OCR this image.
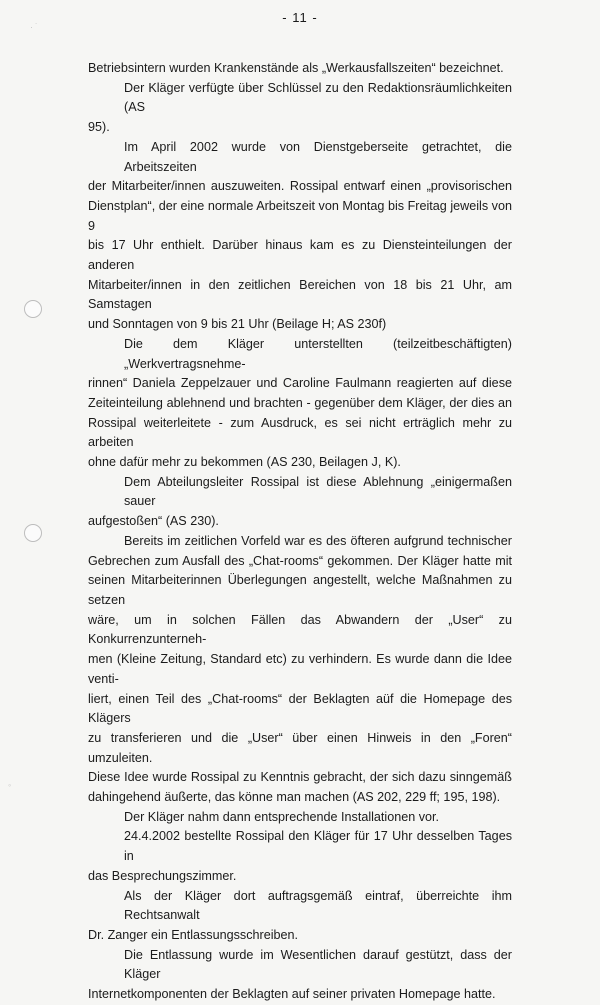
- 11 -
◦
·˙

Betriebsintern wurden Krankenstände als „Werkausfallszeiten“ bezeichnet.

Der Kläger verfügte über Schlüssel zu den Redaktionsräumlichkeiten (AS
95).

Im April 2002 wurde von Dienstgeberseite getrachtet, die Arbeitszeiten
der Mitarbeiter/innen auszuweiten. Rossipal entwarf einen „provisorischen
Dienstplan“, der eine normale Arbeitszeit von Montag bis Freitag jeweils von 9
bis 17 Uhr enthielt. Darüber hinaus kam es zu Diensteinteilungen der anderen
Mitarbeiter/innen in den zeitlichen Bereichen von 18 bis 21 Uhr, am Samstagen
und Sonntagen von 9 bis 21 Uhr (Beilage H; AS 230f)

Die dem Kläger unterstellten (teilzeitbeschäftigten) „Werkvertragsnehme-
rinnen“ Daniela Zeppelzauer und Caroline Faulmann reagierten auf diese
Zeiteinteilung ablehnend und brachten - gegenüber dem Kläger, der dies an
Rossipal weiterleitete - zum Ausdruck, es sei nicht erträglich mehr zu arbeiten
ohne dafür mehr zu bekommen (AS 230, Beilagen J, K).

Dem Abteilungsleiter Rossipal ist diese Ablehnung „einigermaßen sauer
aufgestoßen“ (AS 230).

Bereits im zeitlichen Vorfeld war es des öfteren aufgrund technischer
Gebrechen zum Ausfall des „Chat-rooms“ gekommen. Der Kläger hatte mit
seinen Mitarbeiterinnen Überlegungen angestellt, welche Maßnahmen zu setzen
wäre, um in solchen Fällen das Abwandern der „User“ zu Konkurrenzunterneh-
men (Kleine Zeitung, Standard etc) zu verhindern. Es wurde dann die Idee venti-
liert, einen Teil des „Chat-rooms“ der Beklagten aüf die Homepage des Klägers
zu transferieren und die „User“ über einen Hinweis in den „Foren“ umzuleiten.
Diese Idee wurde Rossipal zu Kenntnis gebracht, der sich dazu sinngemäß
dahingehend äußerte, das könne man machen (AS 202, 229 ff; 195, 198).

Der Kläger nahm dann entsprechende Installationen vor.

24.4.2002 bestellte Rossipal den Kläger für 17 Uhr desselben Tages in
das Besprechungszimmer.

Als der Kläger dort auftragsgemäß eintraf, überreichte ihm Rechtsanwalt
Dr. Zanger ein Entlassungsschreiben.

Die Entlassung wurde im Wesentlichen darauf gestützt, dass der Kläger
Internetkomponenten der Beklagten auf seiner privaten Homepage hatte.
